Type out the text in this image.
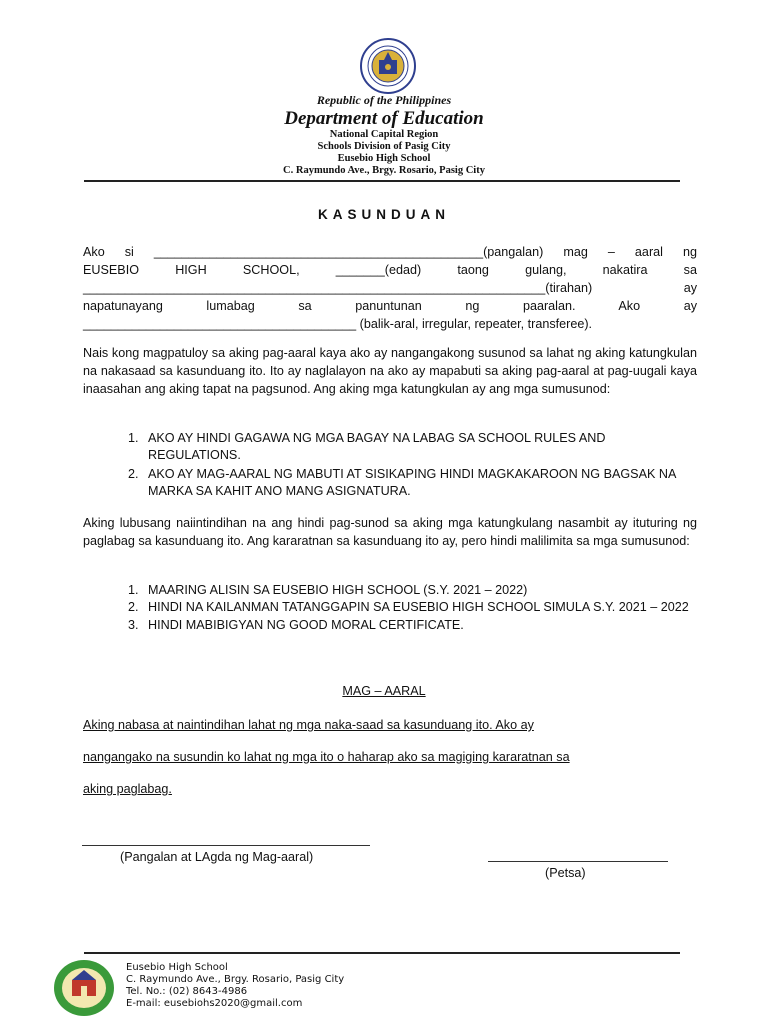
Republic of the Philippines
Department of Education
National Capital Region
Schools Division of Pasig City
Eusebio High School
C. Raymundo Ave., Brgy. Rosario, Pasig City
KASUNDUAN
Ako si _______________________________________________(pangalan) mag – aaral ng
EUSEBIO HIGH SCHOOL, _______(edad) taong gulang, nakatira sa
__________________________________________________________________(tirahan) ay
napatunayang lumabag sa panuntunan ng paaralan. Ako ay
_______________________________________ (balik-aral, irregular, repeater, transferee).
Nais kong magpatuloy sa aking pag-aaral kaya ako ay nangangakong susunod sa lahat ng aking katungkulan na nakasaad sa kasunduang ito. Ito ay naglalayon na ako ay mapabuti sa aking pag-aaral at pag-uugali kaya inaasahan ang aking tapat na pagsunod. Ang aking mga katungkulan ay ang mga sumusunod:
1. AKO AY HINDI GAGAWA NG MGA BAGAY NA LABAG SA SCHOOL RULES AND REGULATIONS.
2. AKO AY MAG-AARAL NG MABUTI AT SISIKAPING HINDI MAGKAKAROON NG BAGSAK NA MARKA SA KAHIT ANO MANG ASIGNATURA.
Aking lubusang naiintindihan na ang hindi pag-sunod sa aking mga katungkulang nasambit ay ituturing ng paglabag sa kasunduang ito. Ang kararatnan sa kasunduang ito ay, pero hindi malilimita sa mga sumusunod:
1. MAARING ALISIN SA EUSEBIO HIGH SCHOOL (S.Y. 2021 – 2022)
2. HINDI NA KAILANMAN TATANGGAPIN SA EUSEBIO HIGH SCHOOL SIMULA S.Y. 2021 – 2022
3. HINDI MABIBIGYAN NG GOOD MORAL CERTIFICATE.
MAG – AARAL
Aking nabasa at naintindihan lahat ng mga naka-saad sa kasunduang ito. Ako ay
nangangako na susundin ko lahat ng mga ito o haharap ako sa magiging kararatnan sa
aking paglabag.
(Pangalan at LAgda ng Mag-aaral)
(Petsa)
Eusebio High School
C. Raymundo Ave., Brgy. Rosario, Pasig City
Tel. No.: (02) 8643-4986
E-mail: eusebiohs2020@gmail.com
